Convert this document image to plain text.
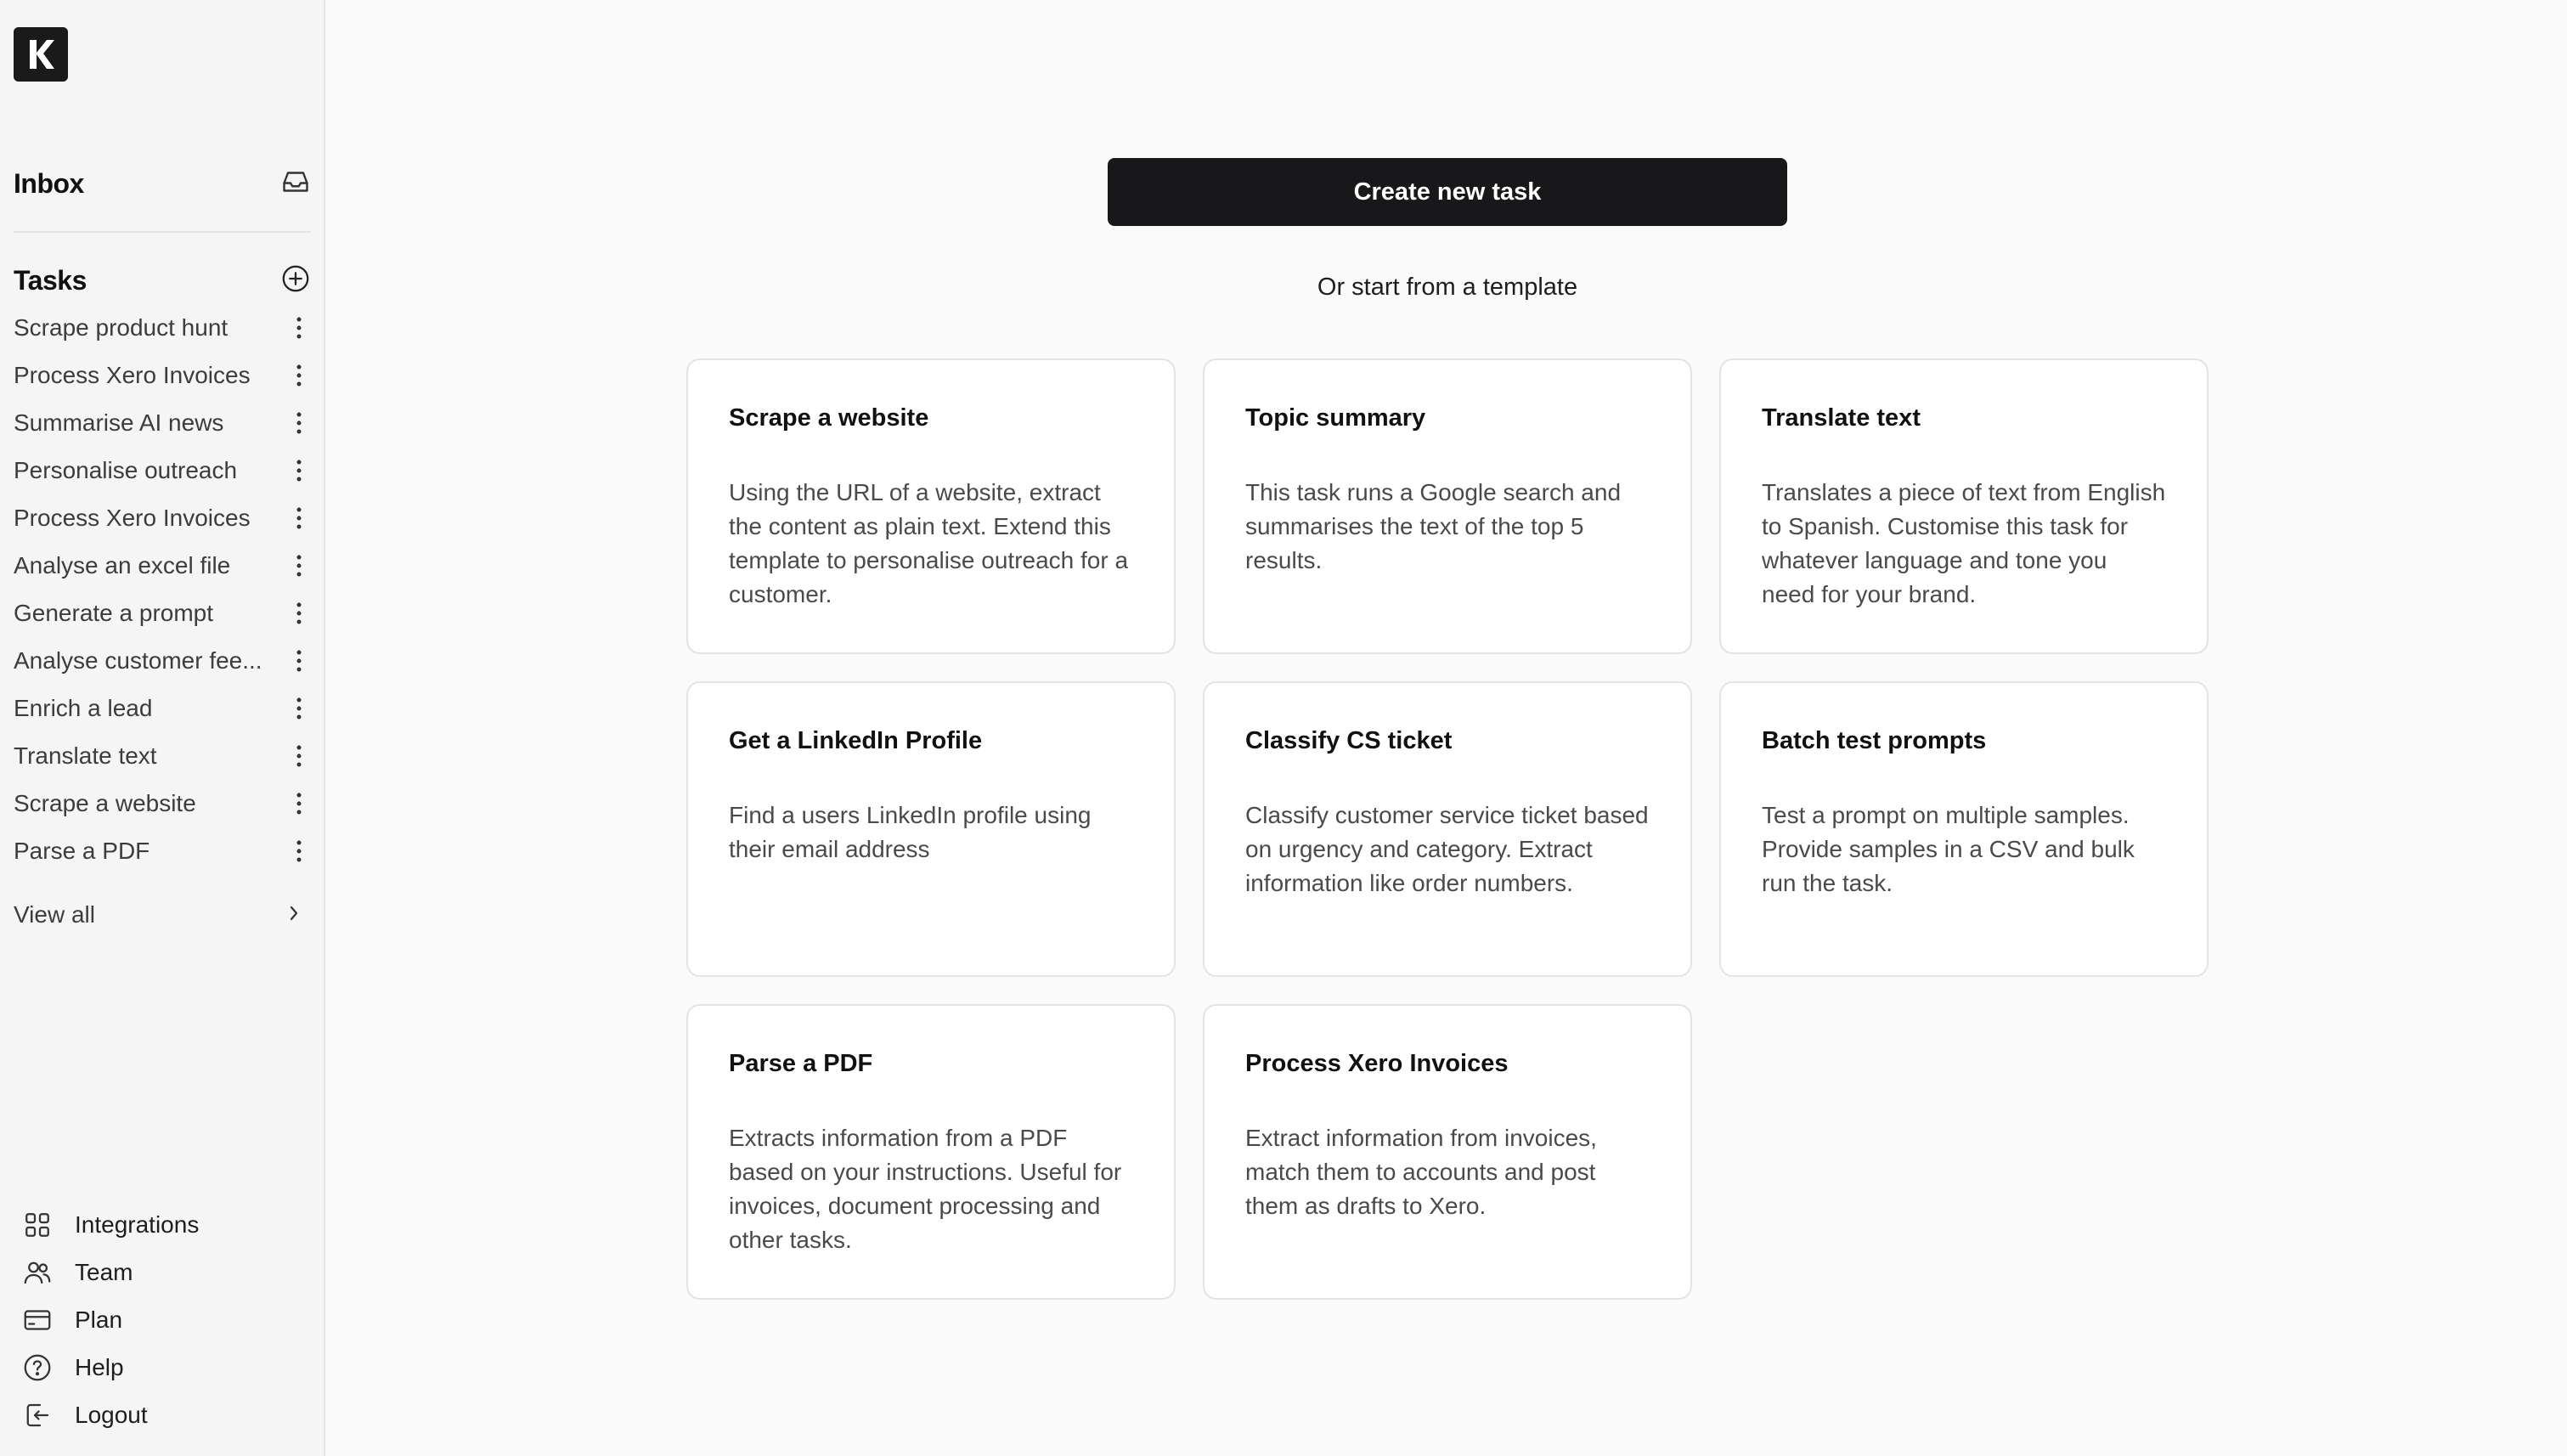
Inbox
Tasks
Scrape product hunt
Process Xero Invoices
Summarise AI news
Personalise outreach
Process Xero Invoices
Analyse an excel file
Generate a prompt
Analyse customer fee...
Enrich a lead
Translate text
Scrape a website
Parse a PDF
View all
Integrations
Team
Plan
Help
Logout
Create new task
Or start from a template
Scrape a website
Using the URL of a website, extract the content as plain text. Extend this template to personalise outreach for a customer.
Topic summary
This task runs a Google search and summarises the text of the top 5 results.
Translate text
Translates a piece of text from English to Spanish. Customise this task for whatever language and tone you need for your brand.
Get a LinkedIn Profile
Find a users LinkedIn profile using their email address
Classify CS ticket
Classify customer service ticket based on urgency and category. Extract information like order numbers.
Batch test prompts
Test a prompt on multiple samples. Provide samples in a CSV and bulk run the task.
Parse a PDF
Extracts information from a PDF based on your instructions. Useful for invoices, document processing and other tasks.
Process Xero Invoices
Extract information from invoices, match them to accounts and post them as drafts to Xero.
